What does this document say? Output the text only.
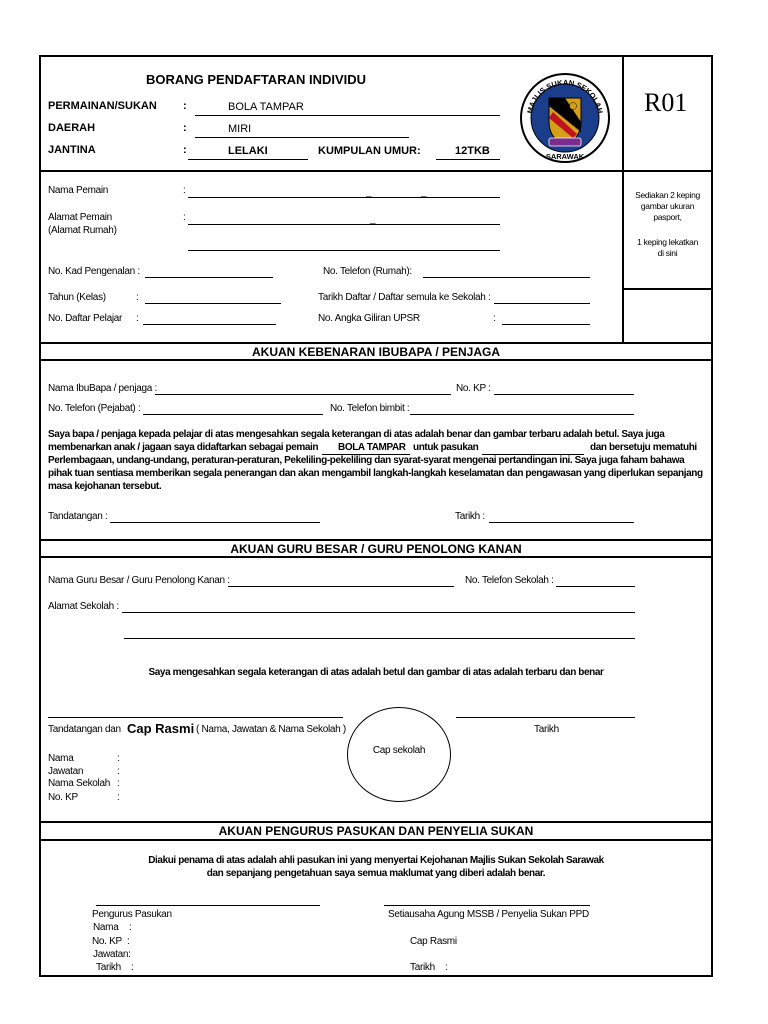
BORANG PENDAFTARAN INDIVIDU
R01
PERMAINAN/SUKAN :	BOLA TAMPAR
DAERAH	:	MIRI
JANTINA	:	LELAKI	KUMPULAN UMUR:	12TKB
MAJLIS SUKAN SEKOLAH
SARAWAK
Sediakan 2 keping
gambar ukuran
pasport,
1 keping lekatkan
di sini
Nama Pemain	:	_	_
Alamat Pemain
(Alamat Rumah)
:	_
No. Kad Pengenalan :	No. Telefon (Rumah):
Tahun (Kelas)	:	Tarikh Daftar / Daftar semula ke Sekolah :
No. Daftar Pelajar :	No. Angka Giliran UPSR	:
AKUAN KEBENARAN IBUBAPA / PENJAGA
Nama IbuBapa / penjaga :	No. KP :
No. Telefon (Pejabat) :	No. Telefon bimbit :
Saya bapa / penjaga kepada pelajar di atas mengesahkan segala keterangan di atas adalah benar dan gambar terbaru adalah betul. Saya juga
membenarkan anak / jagaan saya didaftarkan sebagai pemain BOLA TAMPAR untuk pasukan	dan bersetuju mematuhi
Perlembagaan, undang-undang, peraturan-peraturan, Pekeliling-pekeliling dan syarat-syarat mengenai pertandingan ini. Saya juga faham bahawa
pihak tuan sentiasa memberikan segala penerangan dan akan mengambil langkah-langkah keselamatan dan pengawasan yang diperlukan sepanjang
masa kejohanan tersebut.
Tandatangan :	Tarikh :
AKUAN GURU BESAR / GURU PENOLONG KANAN
Nama Guru Besar / Guru Penolong Kanan :	No. Telefon Sekolah :
Alamat Sekolah :
Saya mengesahkan segala keterangan di atas adalah betul dan gambar di atas adalah terbaru dan benar
Tandatangan dan Cap Rasmi ( Nama, Jawatan & Nama Sekolah )
Cap sekolah
Tarikh
Nama	:
Jawatan	:
Nama Sekolah :
No. KP	:
AKUAN PENGURUS PASUKAN DAN PENYELIA SUKAN
Diakui penama di atas adalah ahli pasukan ini yang menyertai Kejohanan Majlis Sukan Sekolah Sarawak
dan sepanjang pengetahuan saya semua maklumat yang diberi adalah benar.
Pengurus Pasukan
Nama :
No. KP :
Jawatan:
Tarikh :
Setiausaha Agung MSSB / Penyelia Sukan PPD
Cap Rasmi
Tarikh :
